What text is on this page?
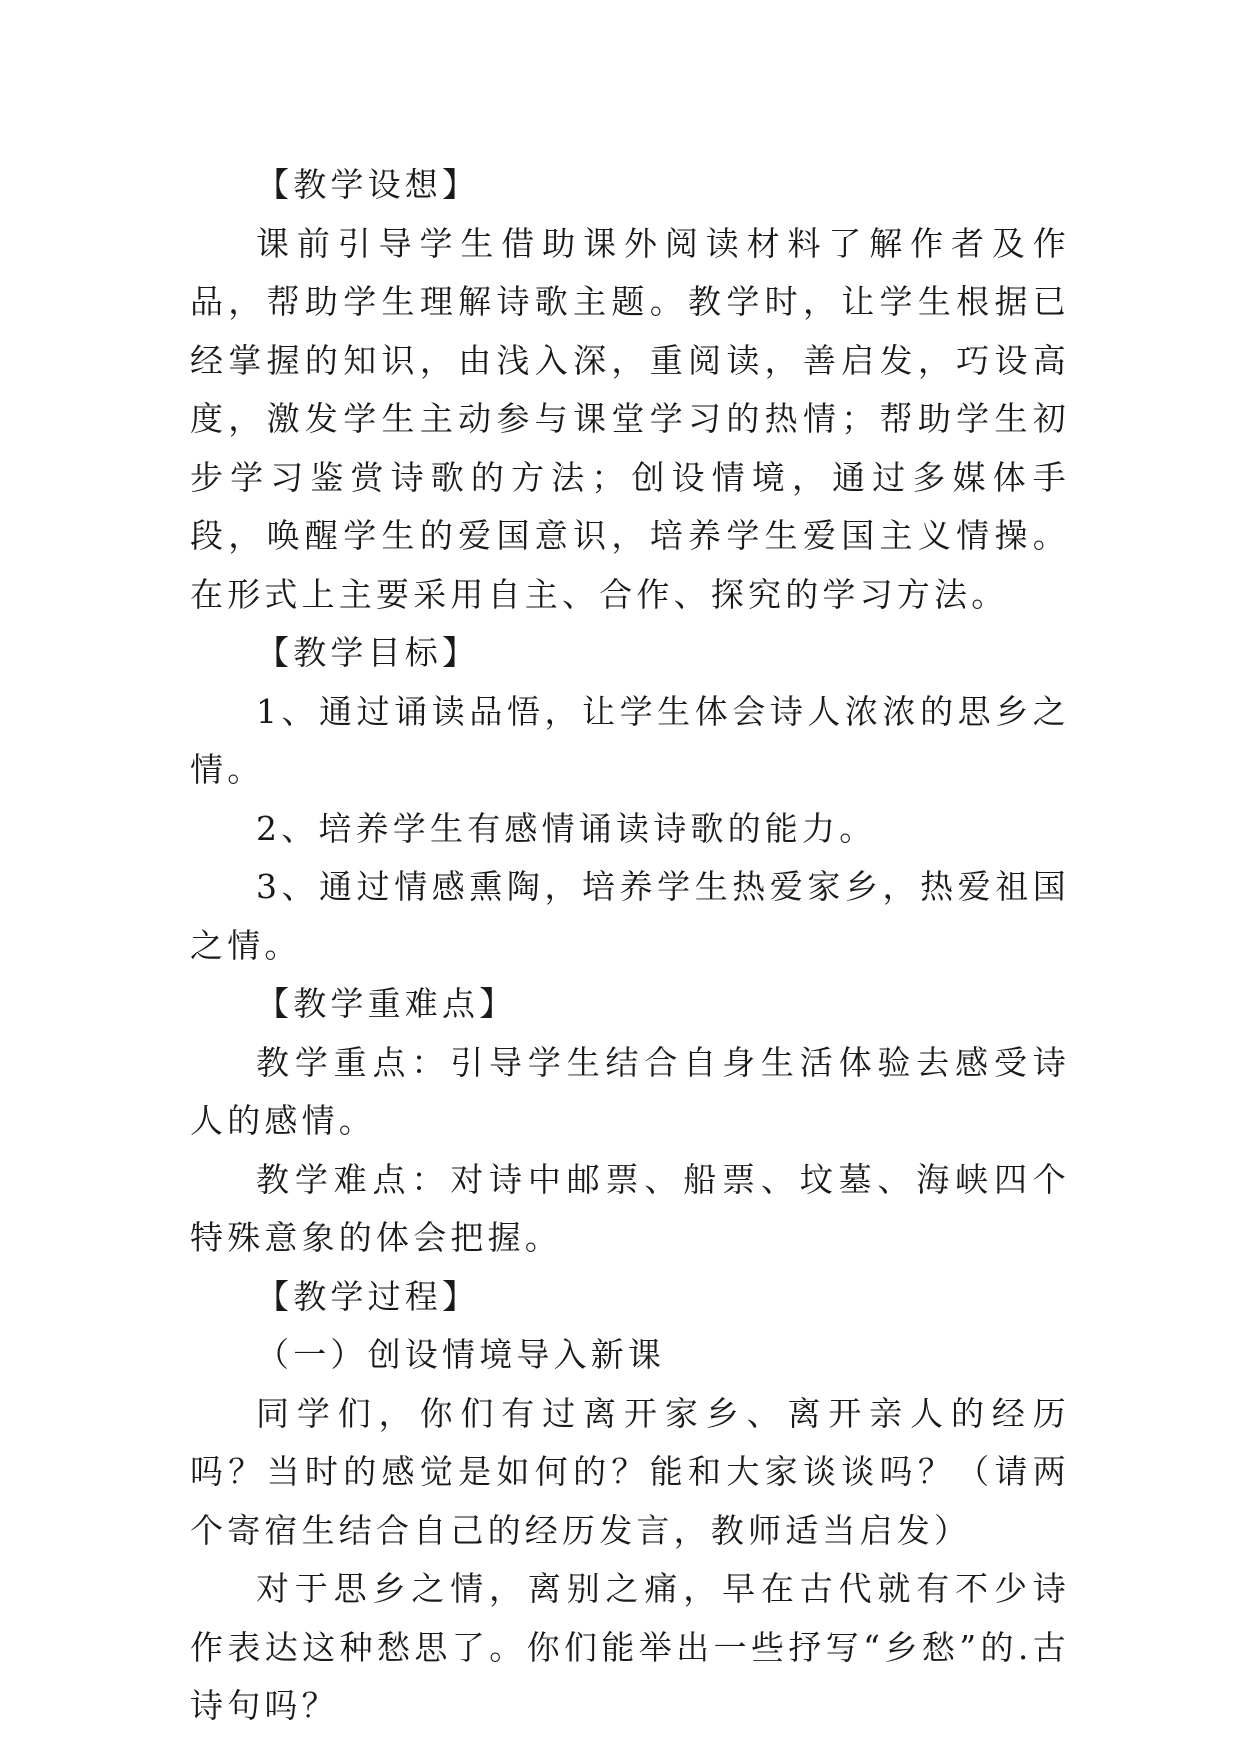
【教学设想】

课前引导学生借助课外阅读材料了解作者及作品，帮助学生理解诗歌主题。教学时，让学生根据已经掌握的知识，由浅入深，重阅读，善启发，巧设高度，激发学生主动参与课堂学习的热情；帮助学生初步学习鉴赏诗歌的方法；创设情境，通过多媒体手段，唤醒学生的爱国意识，培养学生爱国主义情操。在形式上主要采用自主、合作、探究的学习方法。

【教学目标】

1、通过诵读品悟，让学生体会诗人浓浓的思乡之情。

2、培养学生有感情诵读诗歌的能力。

3、通过情感熏陶，培养学生热爱家乡，热爱祖国之情。

【教学重难点】

教学重点：引导学生结合自身生活体验去感受诗人的感情。

教学难点：对诗中邮票、船票、坟墓、海峡四个特殊意象的体会把握。

【教学过程】

（一）创设情境导入新课

同学们，你们有过离开家乡、离开亲人的经历吗？当时的感觉是如何的？能和大家谈谈吗？（请两个寄宿生结合自己的经历发言，教师适当启发）

对于思乡之情，离别之痛，早在古代就有不少诗作表达这种愁思了。你们能举出一些抒写“乡愁”的.古诗句吗？
